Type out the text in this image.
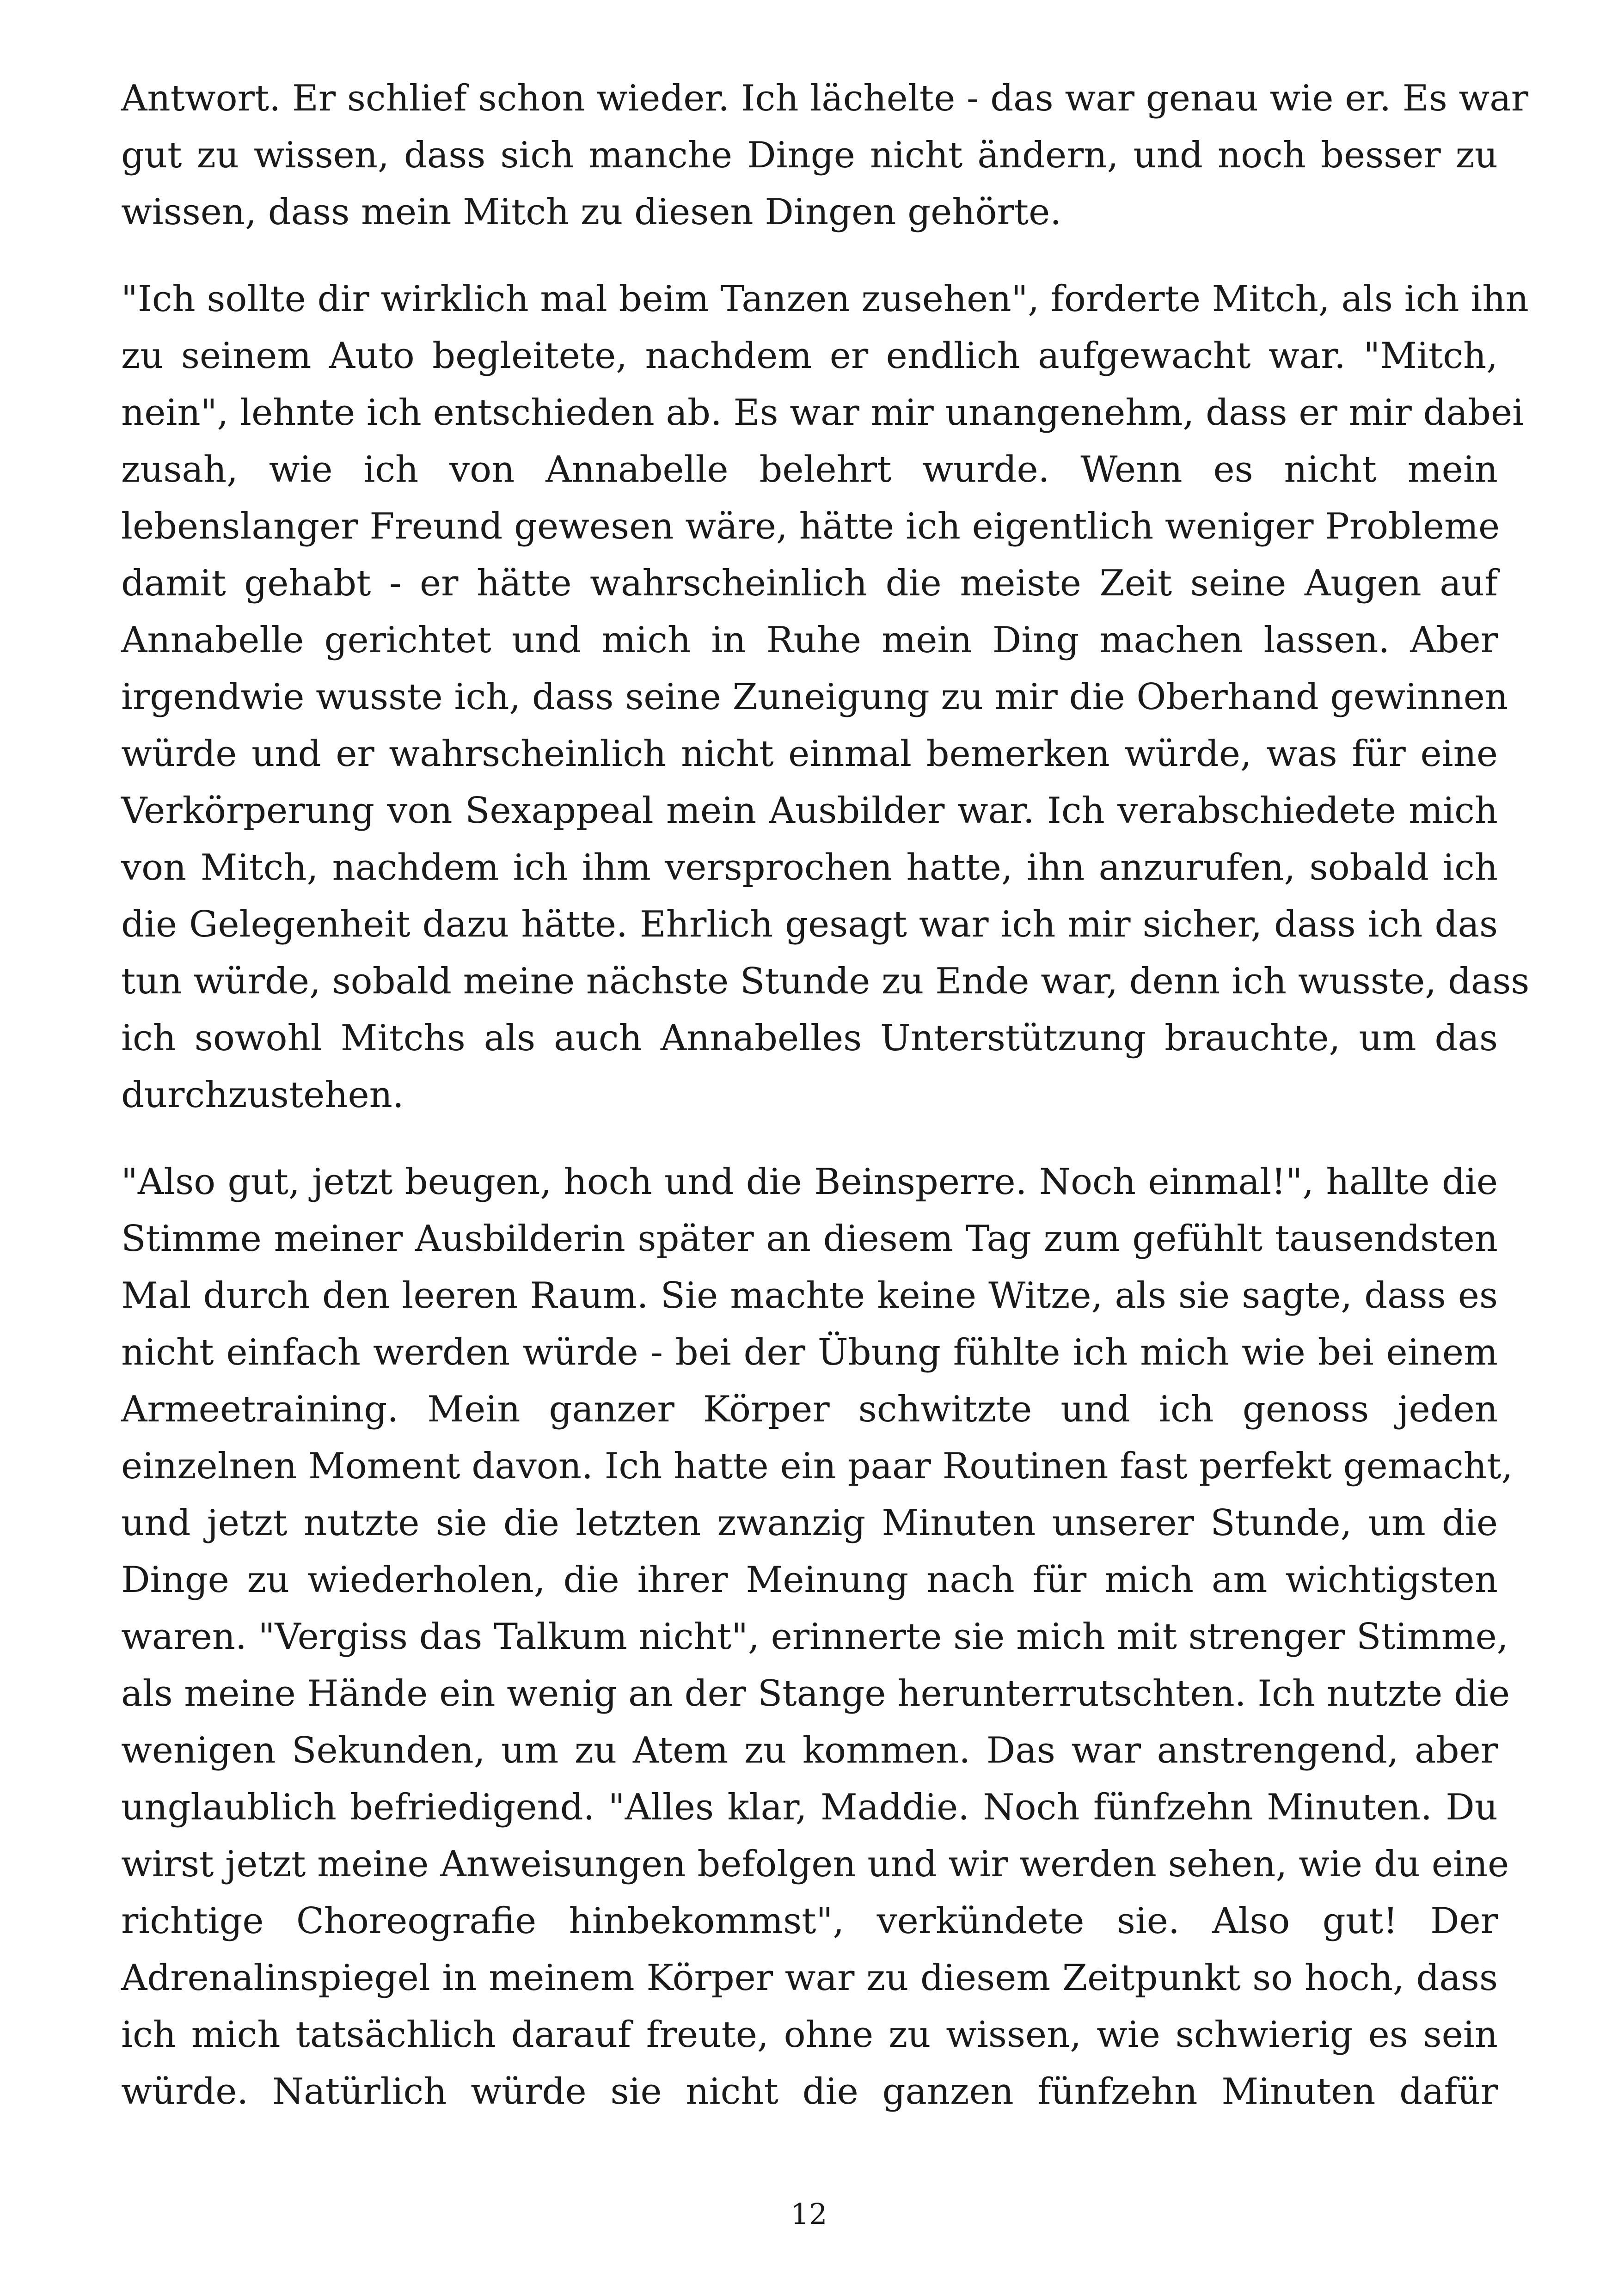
Antwort. Er schlief schon wieder. Ich lächelte - das war genau wie er. Es war
gut zu wissen, dass sich manche Dinge nicht ändern, und noch besser zu
wissen, dass mein Mitch zu diesen Dingen gehörte.

"Ich sollte dir wirklich mal beim Tanzen zusehen", forderte Mitch, als ich ihn
zu seinem Auto begleitete, nachdem er endlich aufgewacht war. "Mitch,
nein", lehnte ich entschieden ab. Es war mir unangenehm, dass er mir dabei
zusah, wie ich von Annabelle belehrt wurde. Wenn es nicht mein
lebenslanger Freund gewesen wäre, hätte ich eigentlich weniger Probleme
damit gehabt - er hätte wahrscheinlich die meiste Zeit seine Augen auf
Annabelle gerichtet und mich in Ruhe mein Ding machen lassen. Aber
irgendwie wusste ich, dass seine Zuneigung zu mir die Oberhand gewinnen
würde und er wahrscheinlich nicht einmal bemerken würde, was für eine
Verkörperung von Sexappeal mein Ausbilder war. Ich verabschiedete mich
von Mitch, nachdem ich ihm versprochen hatte, ihn anzurufen, sobald ich
die Gelegenheit dazu hätte. Ehrlich gesagt war ich mir sicher, dass ich das
tun würde, sobald meine nächste Stunde zu Ende war, denn ich wusste, dass
ich sowohl Mitchs als auch Annabelles Unterstützung brauchte, um das
durchzustehen.

"Also gut, jetzt beugen, hoch und die Beinsperre. Noch einmal!", hallte die
Stimme meiner Ausbilderin später an diesem Tag zum gefühlt tausendsten
Mal durch den leeren Raum. Sie machte keine Witze, als sie sagte, dass es
nicht einfach werden würde - bei der Übung fühlte ich mich wie bei einem
Armeetraining. Mein ganzer Körper schwitzte und ich genoss jeden
einzelnen Moment davon. Ich hatte ein paar Routinen fast perfekt gemacht,
und jetzt nutzte sie die letzten zwanzig Minuten unserer Stunde, um die
Dinge zu wiederholen, die ihrer Meinung nach für mich am wichtigsten
waren. "Vergiss das Talkum nicht", erinnerte sie mich mit strenger Stimme,
als meine Hände ein wenig an der Stange herunterrutschten. Ich nutzte die
wenigen Sekunden, um zu Atem zu kommen. Das war anstrengend, aber
unglaublich befriedigend. "Alles klar, Maddie. Noch fünfzehn Minuten. Du
wirst jetzt meine Anweisungen befolgen und wir werden sehen, wie du eine
richtige Choreografie hinbekommst", verkündete sie. Also gut! Der
Adrenalinspiegel in meinem Körper war zu diesem Zeitpunkt so hoch, dass
ich mich tatsächlich darauf freute, ohne zu wissen, wie schwierig es sein
würde. Natürlich würde sie nicht die ganzen fünfzehn Minuten dafür

12
